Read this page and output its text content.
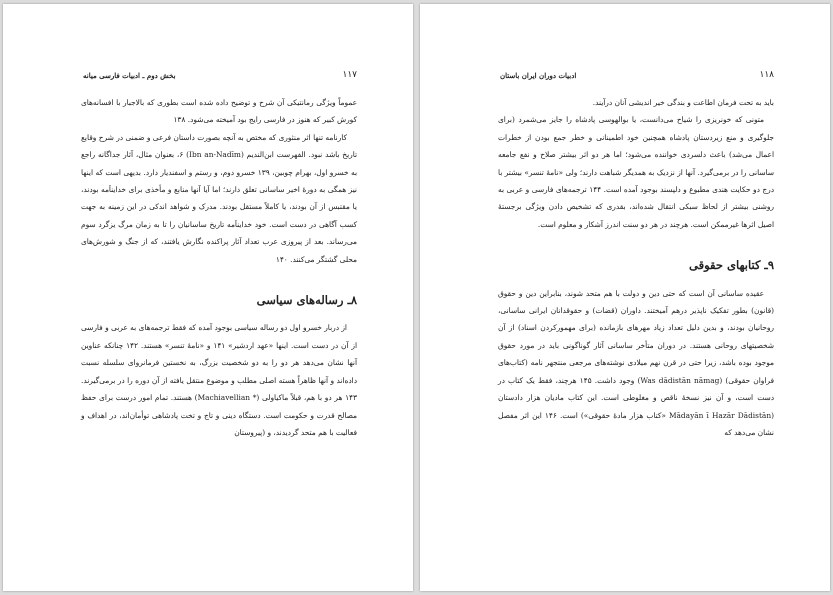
۱۱۷
بخش دوم ـ ادبیات فارسی میانه

عموماً ویژگی رمانتیکی آن شرح و توضیح داده شده است بطوری که بالاجبار با افسانه‌های کورش کبیر که هنوز در فارسی رایج بود آمیخته می‌شود. ۱۳۸

کارنامه تنها اثر منثوری که مختص به آنچه بصورت داستان فرعی و ضمنی در شرح وقایع تاریخ باشد نبود. الفهرست ابن‌الندیم (Ibn an-Nadīm) ۶، بعنوان مثال، آثار جداگانه راجع به خسرو اول، بهرام چوبین، ۱۳۹ خسرو دوم، و رستم و اسفندیار دارد. بدیهی است که اینها نیز همگی به دورهٔ اخیر ساسانی تعلق دارند؛ اما آیا آنها منابع و مأخذی برای خدایناَمه بودند، یا مقتبس از آن بودند، یا کاملاً مستقل بودند. مدرک و شواهد اندکی در این زمینه به جهت کسب آگاهی در دست است. خود خدایناَمه تاریخ ساسانیان را تا به زمان مرگ یزگرد سوم می‌رساند. بعد از پیروزی عرب تعداد آثار پراکنده نگارش یافتند، که از جنگ و شورش‌های محلی گشتگر می‌کنند. ۱۴۰

۸ـ رساله‌های سیاسی

از دربار خسرو اول دو رساله سیاسی بوجود آمده که فقط ترجمه‌های به عربی و فارسی از آن در دست است. اینها «عهد اردشیر» ۱۴۱ و «نامهٔ تنسر» هستند. ۱۴۲ چنانکه عناوین آنها نشان می‌دهد هر دو را به دو شخصیت بزرگ، به نخستین فرمانروای سلسله نسبت داده‌اند و آنها ظاهراً هسته اصلی مطلب و موضوع منتقل یافته از آن دوره را در برمی‌گیرند. ۱۴۳ هر دو با هم، قبلاً ماکیاولی (* Machiavellian) هستند. تمام امور درست برای حفظ مصالح قدرت و حکومت است. دستگاه دینی و تاج و تخت پادشاهی توأمان‌اند، در اهداف و فعالیت با هم متحد گردیدند، و (پیروستان

۱۱۸
ادبیات دوران ایران باستان

باید به تحت فرمان اطاعت و بندگی خیر اندیشی آنان درآیند.

متونی که خونریزی را شیاح می‌دانست، یا بوالهوسی پادشاه را جایز می‌شمرد (برای جلوگیری و منع زیردستان پادشاه همچنین خود اطمینانی و خطر جمع بودن از خطرات اعمال می‌شد) باعث دلسردی خواننده می‌شود؛ اما هر دو اثر بیشتر صلاح و نفع جامعه ساسانی را در برمی‌گیرد. آنها از نزدیک به همدیگر شباهت دارند؛ ولی «نامهٔ تنسر» بیشتر با درج دو حکایت هندی مطبوع و دلپسند بوجود آمده است. ۱۴۴ ترجمه‌های فارسی و عربی به روشنی بیشتر از لحاظ سبکی انتقال شده‌اند، بقدری که تشخیص دادن ویژگی برجستهٔ اصیل اثرها غیرممکن است. هرچند در هر دو سنت اندرز آشکار و معلوم است.

۹ـ کتابهای حقوقی

عقیده ساسانی آن است که حتی دین و دولت با هم متحد شوند، بنابراین دین و حقوق (قانون) بطور تفکیک ناپذیر درهم آمیختند. داوران (قضات) و حقوقدانان ایرانی ساسانی، روحانیان بودند، و بدین دلیل تعداد زیاد مهرهای بازمانده (برای مهمورکردن اسناد) از آن شخصیتهای روحانی هستند. در دوران متأخر ساسانی آثار گوناگونی باید در مورد حقوق موجود بوده باشد، زیرا حتی در قرن نهم میلادی نوشته‌های مرجعی منتجهر نامه (کتاب‌های فراوان حقوقی) (Was dādistān nāmag) وجود داشت. ۱۴۵ هرچند، فقط یک کتاب در دست است، و آن نیز نسخهٔ ناقص و مغلوطی است. این کتاب ماديان هزار دادستان (Mādayān ī Hazār Dādistān «کتاب هزار مادهٔ حقوقی») است. ۱۴۶ این اثر مفصل نشان می‌دهد که
